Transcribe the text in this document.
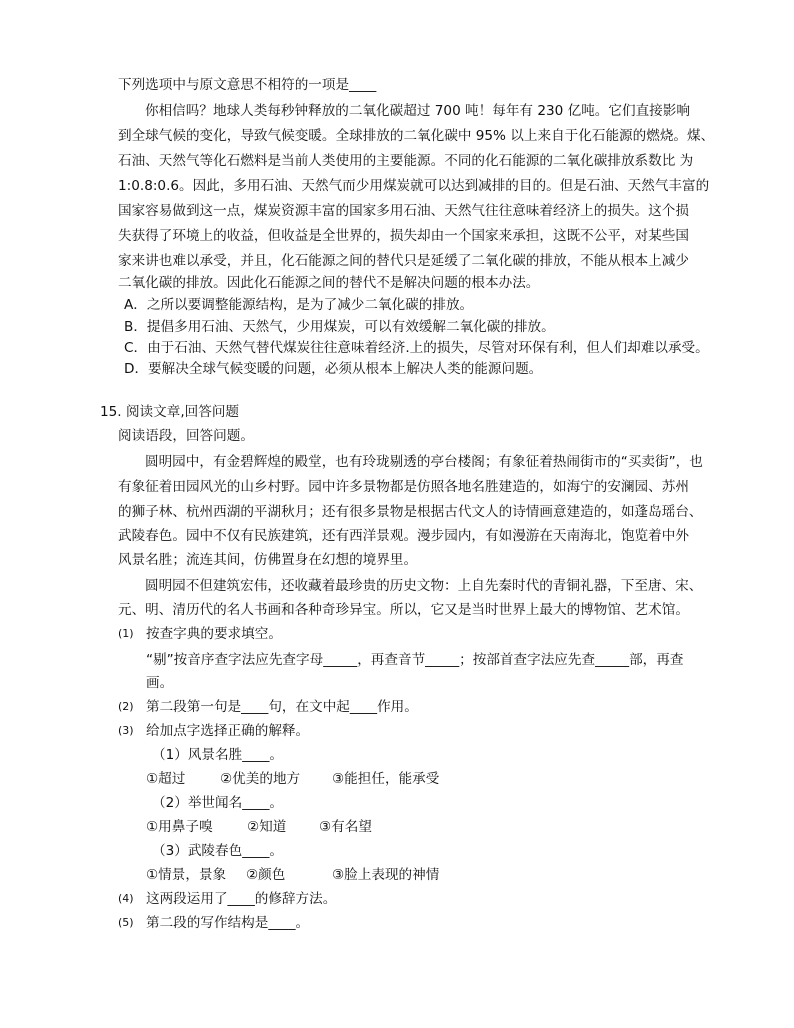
下列选项中与原文意思不相符的一项是____
你相信吗？地球人类每秒钟释放的二氧化碳超过 700 吨！每年有 230 亿吨。它们直接影响
到全球气候的变化，导致气候变暖。全球排放的二氧化碳中 95% 以上来自于化石能源的燃烧。煤、
石油、天然气等化石燃料是当前人类使用的主要能源。不同的化石能源的二氧化碳排放系数比 为
1:0.8:0.6。因此，多用石油、天然气而少用煤炭就可以达到减排的目的。但是石油、天然气丰富的
国家容易做到这一点，煤炭资源丰富的国家多用石油、天然气往往意味着经济上的损失。这个损
失获得了环境上的收益，但收益是全世界的，损失却由一个国家来承担，这既不公平，对某些国
家来讲也难以承受，并且，化石能源之间的替代只是延缓了二氧化碳的排放，不能从根本上减少
二氧化碳的排放。因此化石能源之间的替代不是解决问题的根本办法。
A．之所以要调整能源结构，是为了减少二氧化碳的排放。
B．提倡多用石油、天然气，少用煤炭，可以有效缓解二氧化碳的排放。
C．由于石油、天然气替代煤炭往往意味着经济.上的损失，尽管对环保有利，但人们却难以承受。
D．要解决全球气候变暖的问题，必须从根本上解决人类的能源问题。
15. 阅读文章,回答问题
阅读语段，回答问题。
圆明园中，有金碧辉煌的殿堂，也有玲珑剔透的亭台楼阁；有象征着热闹街市的“买卖街”，也
有象征着田园风光的山乡村野。园中许多景物都是仿照各地名胜建造的，如海宁的安澜园、苏州
的狮子林、杭州西湖的平湖秋月；还有很多景物是根据古代文人的诗情画意建造的，如蓬岛瑶台、
武陵春色。园中不仅有民族建筑，还有西洋景观。漫步园内，有如漫游在天南海北，饱览着中外
风景名胜；流连其间，仿佛置身在幻想的境界里。
圆明园不但建筑宏伟，还收藏着最珍贵的历史文物：上自先秦时代的青铜礼器，下至唐、宋、
元、明、清历代的名人书画和各种奇珍异宝。所以，它又是当时世界上最大的博物馆、艺术馆。
(1) 按查字典的要求填空。
“剔”按音序查字法应先查字母_____，再查音节_____；按部首查字法应先查_____部，再查
画。
(2) 第二段第一句是____句，在文中起____作用。
(3) 给加点字选择正确的解释。
（1）风景名胜____。
①超过	②优美的地方 ③能担任，能承受
（2）举世闻名____。
①用鼻子嗅	②知道 ③有名望
（3）武陵春色____。
①情景，景象 ②颜色	③脸上表现的神情
(4) 这两段运用了____的修辞方法。
(5) 第二段的写作结构是____。
